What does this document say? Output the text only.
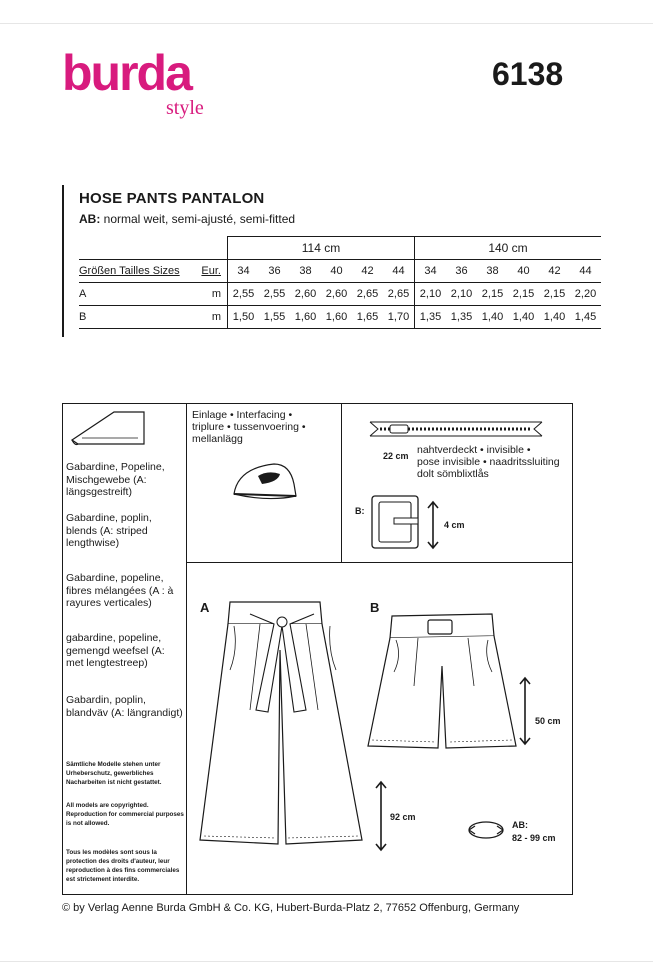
burda
style
6138
HOSE PANTS PANTALON
AB: normal weit, semi-ajusté, semi-fitted
		114 cm						140 cm					
Größen Tailles Sizes	Eur.	34	36	38	40	42	44	34	36	38	40	42	44
A	m	2,55	2,55	2,60	2,60	2,65	2,65	2,10	2,10	2,15	2,15	2,15	2,20
B	m	1,50	1,55	1,60	1,60	1,65	1,70	1,35	1,35	1,40	1,40	1,40	1,45
Gabardine, Popeline, Mischgewebe (A: längsgestreift)
Gabardine, poplin, blends (A: striped lengthwise)
Gabardine, popeline, fibres mélangées (A : à rayures verticales)
gabardine, popeline, gemengd weefsel (A: met lengtestreep)
Gabardin, poplin, blandväv (A: längrandigt)
Sämtliche Modelle stehen unter Urheberschutz, gewerbliches Nacharbeiten ist nicht gestattet.
All models are copyrighted. Reproduction for commercial purposes is not allowed.
Tous les modèles sont sous la protection des droits d'auteur, leur reproduction à des fins commerciales est strictement interdite.
Einlage • Interfacing •
triplure • tussenvoering •
mellanlägg
22 cm nahtverdeckt • invisible •
pose invisible • naadritssluiting
dolt sömblixtlås
B:
4 cm
A	B
92 cm
50 cm
AB:
82 - 99 cm
© by Verlag Aenne Burda GmbH & Co. KG, Hubert-Burda-Platz 2, 77652 Offenburg, Germany
